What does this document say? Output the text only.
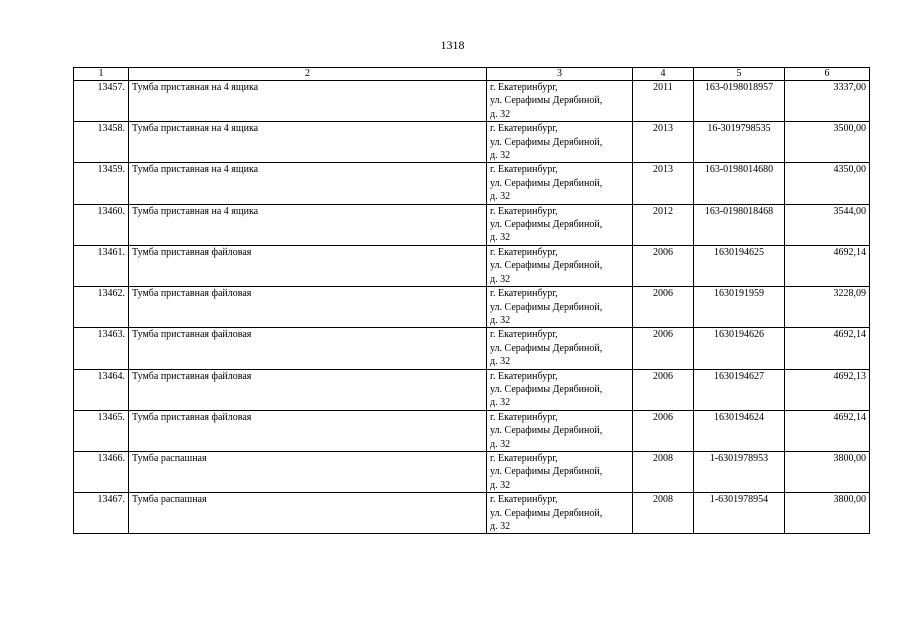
1318
1	2	3	4	5	6
13457.	Тумба приставная на 4 ящика	г. Екатеринбург,
ул. Серафимы Дерябиной,
д. 32	2011	163-0198018957	3337,00
13458.	Тумба приставная на 4 ящика	г. Екатеринбург,
ул. Серафимы Дерябиной,
д. 32	2013	16-3019798535	3500,00
13459.	Тумба приставная на 4 ящика	г. Екатеринбург,
ул. Серафимы Дерябиной,
д. 32	2013	163-0198014680	4350,00
13460.	Тумба приставная на 4 ящика	г. Екатеринбург,
ул. Серафимы Дерябиной,
д. 32	2012	163-0198018468	3544,00
13461.	Тумба приставная файловая	г. Екатеринбург,
ул. Серафимы Дерябиной,
д. 32	2006	1630194625	4692,14
13462.	Тумба приставная файловая	г. Екатеринбург,
ул. Серафимы Дерябиной,
д. 32	2006	1630191959	3228,09
13463.	Тумба приставная файловая	г. Екатеринбург,
ул. Серафимы Дерябиной,
д. 32	2006	1630194626	4692,14
13464.	Тумба приставная файловая	г. Екатеринбург,
ул. Серафимы Дерябиной,
д. 32	2006	1630194627	4692,13
13465.	Тумба приставная файловая	г. Екатеринбург,
ул. Серафимы Дерябиной,
д. 32	2006	1630194624	4692,14
13466.	Тумба распашная	г. Екатеринбург,
ул. Серафимы Дерябиной,
д. 32	2008	1-6301978953	3800,00
13467.	Тумба распашная	г. Екатеринбург,
ул. Серафимы Дерябиной,
д. 32	2008	1-6301978954	3800,00
